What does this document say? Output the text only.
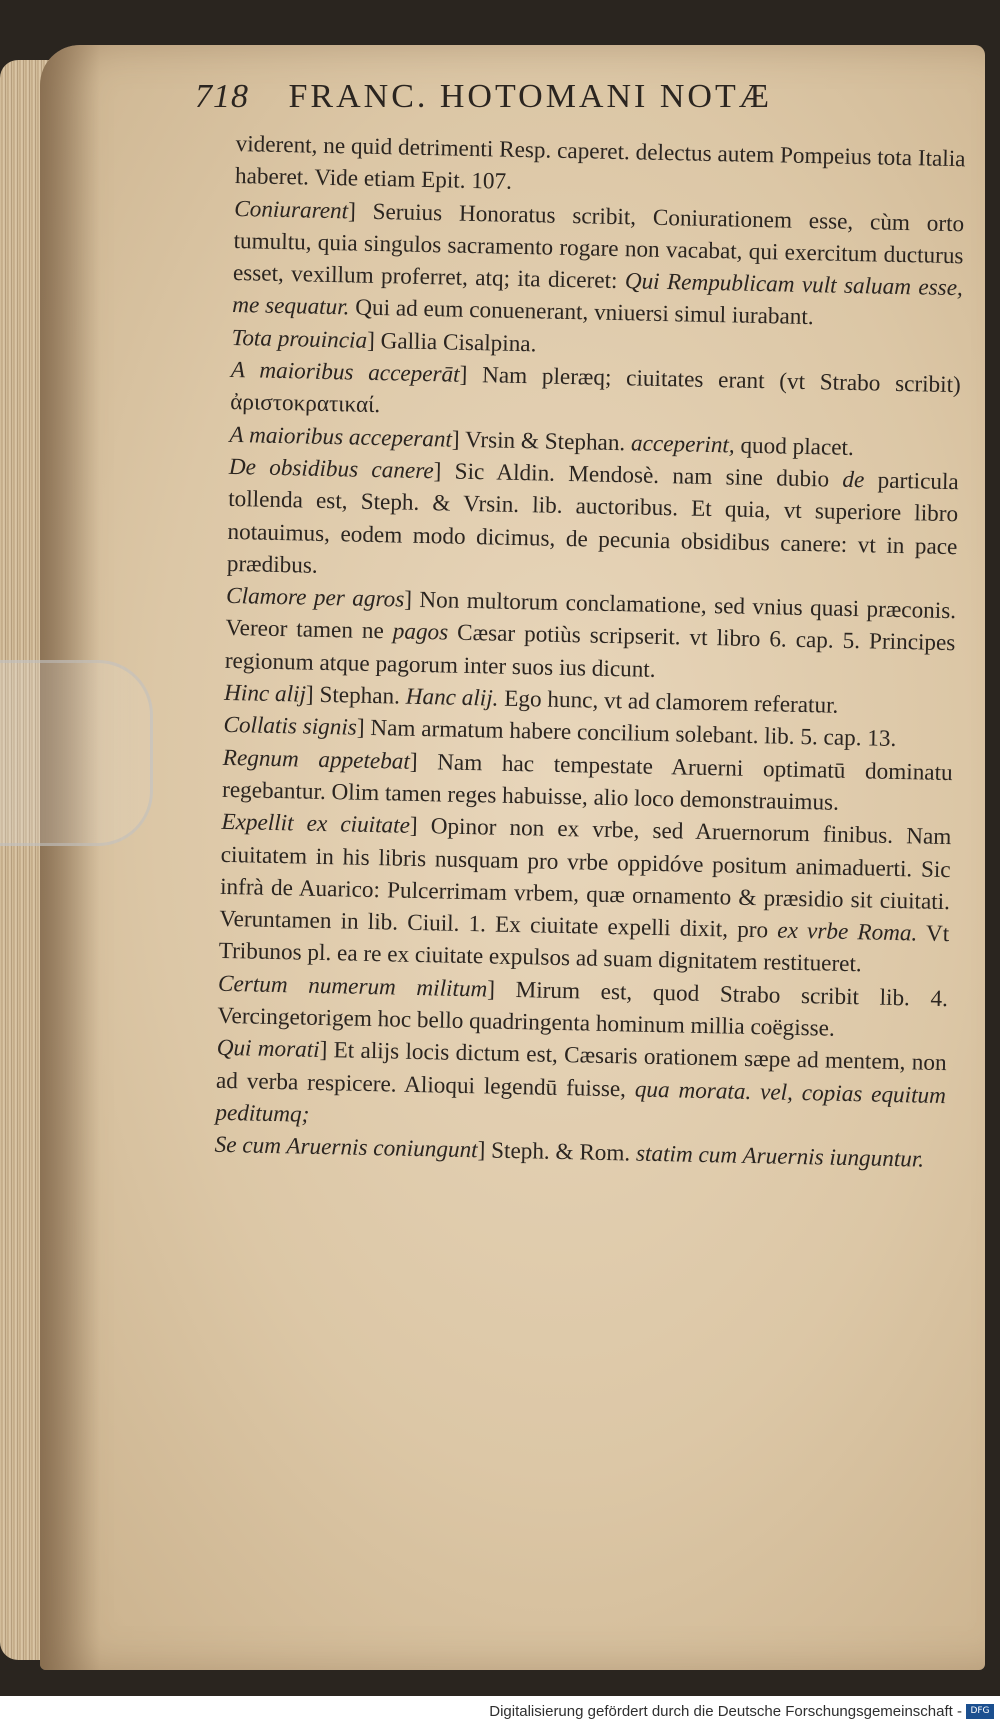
718 FRANC. HOTOMANI NOTÆ

viderent, ne quid detrimenti Resp. caperet. delectus autem Pompeius tota Italia haberet. Vide etiam Epit. 107.

Coniurarent] Seruius Honoratus scribit, Coniurationem esse, cùm orto tumultu, quia singulos sacramento rogare non vacabat, qui exercitum ducturus esset, vexillum proferret, atq; ita diceret: Qui Rempublicam vult saluam esse, me sequatur. Qui ad eum conuenerant, vniuersi simul iurabant.

Tota prouincia] Gallia Cisalpina.

A maioribus acceperāt] Nam pleræq; ciuitates erant (vt Strabo scribit) ἀριστοκρατικαί.

A maioribus acceperant] Vrsin & Stephan. acceperint, quod placet.

De obsidibus canere] Sic Aldin. Mendosè. nam sine dubio de particula tollenda est, Steph. & Vrsin. lib. auctoribus. Et quia, vt superiore libro notauimus, eodem modo dicimus, de pecunia obsidibus canere: vt in pace prædibus.

Clamore per agros] Non multorum conclamatione, sed vnius quasi præconis. Vereor tamen ne pagos Cæsar potiùs scripserit. vt libro 6. cap. 5. Principes regionum atque pagorum inter suos ius dicunt.

Hinc alij] Stephan. Hanc alij. Ego hunc, vt ad clamorem referatur.

Collatis signis] Nam armatum habere concilium solebant. lib. 5. cap. 13.

Regnum appetebat] Nam hac tempestate Aruerni optimatū dominatu regebantur. Olim tamen reges habuisse, alio loco demonstrauimus.

Expellit ex ciuitate] Opinor non ex vrbe, sed Aruernorum finibus. Nam ciuitatem in his libris nusquam pro vrbe oppidóve positum animaduerti. Sic infrà de Auarico: Pulcerrimam vrbem, quæ ornamento & præsidio sit ciuitati. Veruntamen in lib. Ciuil. 1. Ex ciuitate expelli dixit, pro ex vrbe Roma. Vt Tribunos pl. ea re ex ciuitate expulsos ad suam dignitatem restitueret.

Certum numerum militum] Mirum est, quod Strabo scribit lib. 4. Vercingetorigem hoc bello quadringenta hominum millia coëgisse.

Qui morati] Et alijs locis dictum est, Cæsaris orationem sæpe ad mentem, non ad verba respicere. Alioqui legendū fuisse, qua morata. vel, copias equitum peditumq;

Se cum Aruernis coniungunt] Steph. & Rom. statim cum Aruernis iunguntur.

Digitalisierung gefördert durch die Deutsche Forschungsgemeinschaft - DFG
